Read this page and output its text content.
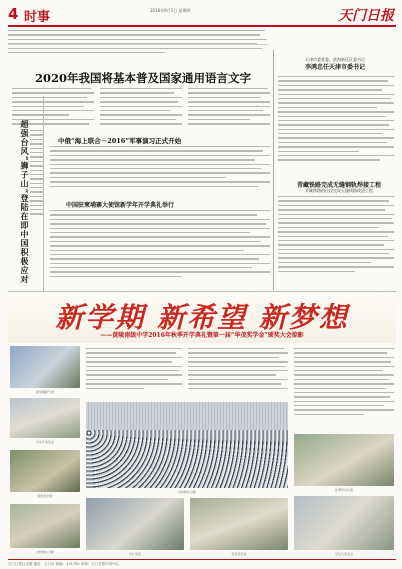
4 时事	2016年9月1日 星期四	天门日报
2020年我国将基本普及国家通用语言文字
超强台风“狮子山”登陆在即中国积极应对	中俄“海上联合－2016”军事演习正式开始
中国驻柬埔寨大使馆新学年开学典礼举行
天津市委常委、滨海新区区委书记
李鸿忠任天津市委书记
青藏铁路完成无缝钢轨焊接工程
青藏铁路格拉段完成无缝线路改造工程
新学期 新希望 新梦想
——黄陵南级中学2016年秋季开学典礼暨第一届“华茂奖学金”颁奖大会掠影
新学期新气象
学生代表发言
颁发奖学金
全校师生合影
全校师生合影	优秀学生代表
校长讲话	颁发奖学金	学生代表发言
天门日报社出版 地址：天门市 邮编：431700 印刷：天门日报印务中心
